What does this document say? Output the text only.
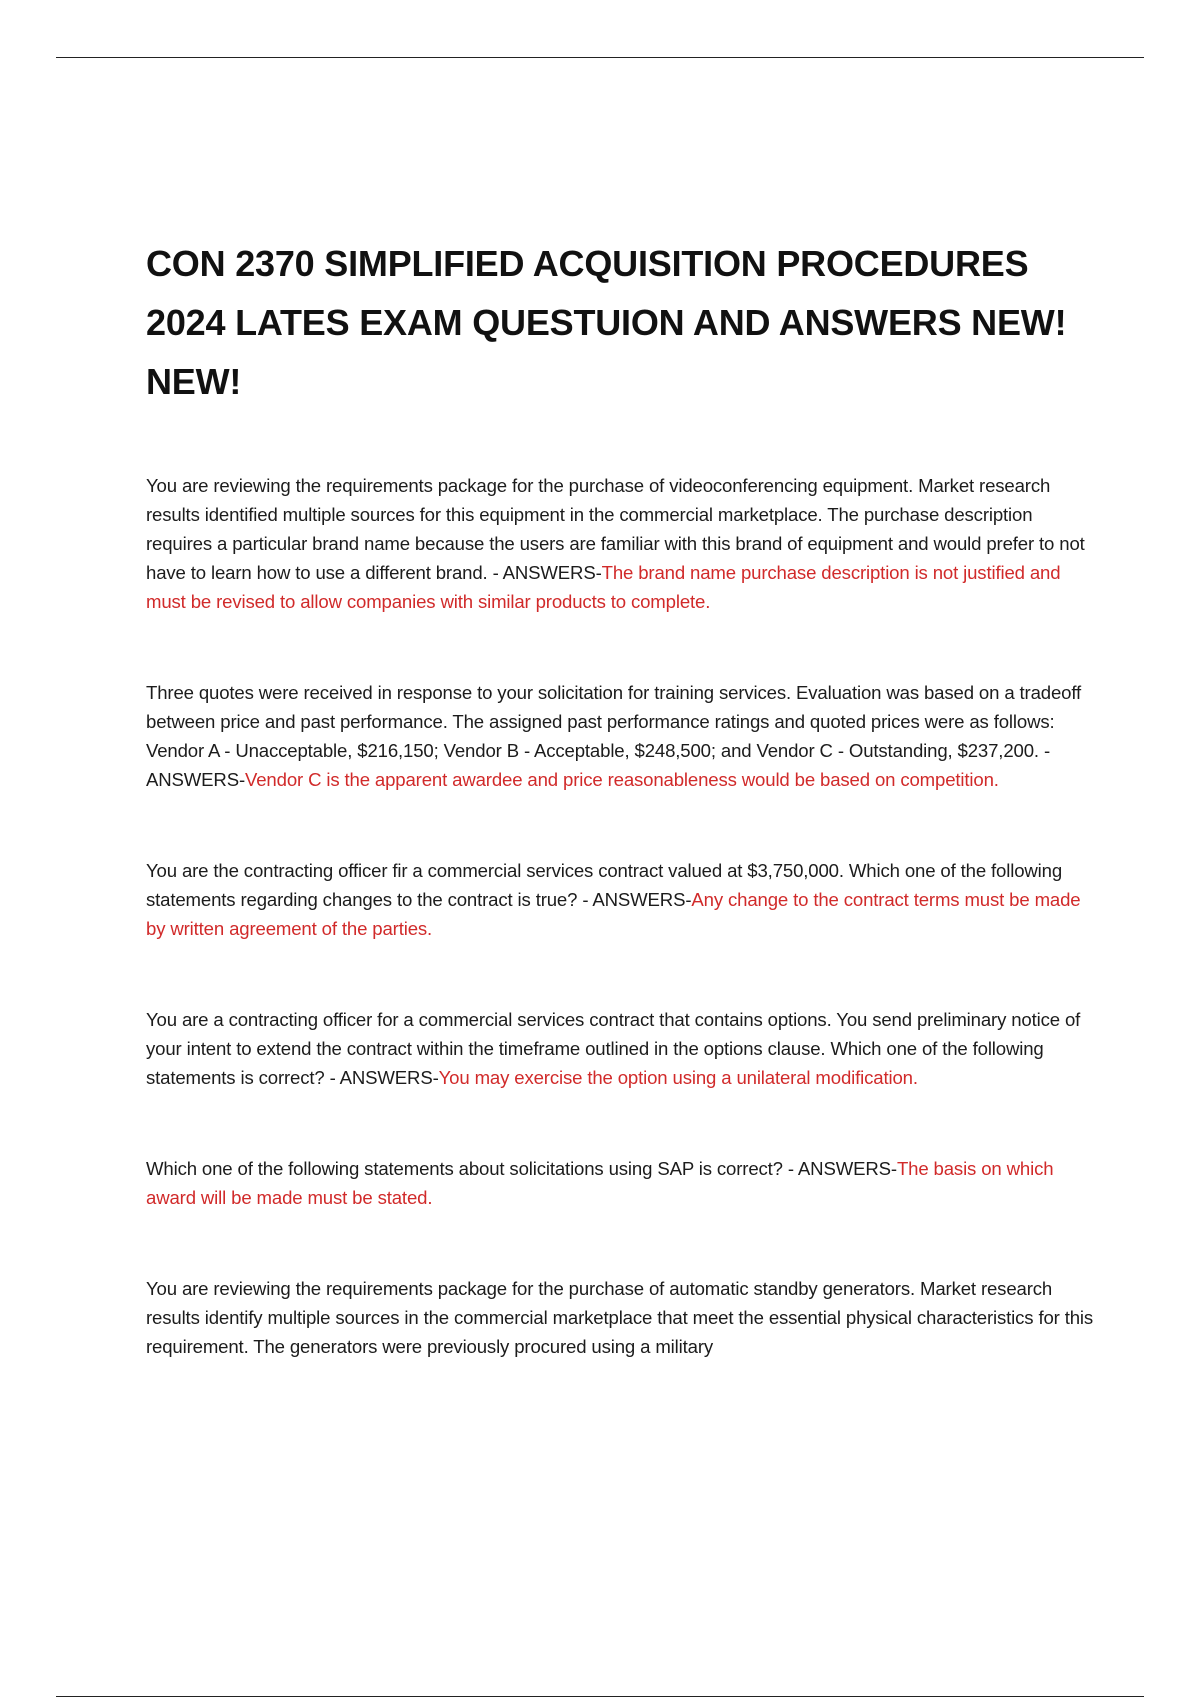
CON 2370 SIMPLIFIED ACQUISITION PROCEDURES 2024 LATES EXAM QUESTUION AND ANSWERS NEW! NEW!
You are reviewing the requirements package for the purchase of videoconferencing equipment. Market research results identified multiple sources for this equipment in the commercial marketplace. The purchase description requires a particular brand name because the users are familiar with this brand of equipment and would prefer to not have to learn how to use a different brand. - ANSWERS-The brand name purchase description is not justified and must be revised to allow companies with similar products to complete.
Three quotes were received in response to your solicitation for training services. Evaluation was based on a tradeoff between price and past performance. The assigned past performance ratings and quoted prices were as follows: Vendor A - Unacceptable, $216,150; Vendor B - Acceptable, $248,500; and Vendor C - Outstanding, $237,200. - ANSWERS-Vendor C is the apparent awardee and price reasonableness would be based on competition.
You are the contracting officer fir a commercial services contract valued at $3,750,000. Which one of the following statements regarding changes to the contract is true? - ANSWERS-Any change to the contract terms must be made by written agreement of the parties.
You are a contracting officer for a commercial services contract that contains options. You send preliminary notice of your intent to extend the contract within the timeframe outlined in the options clause. Which one of the following statements is correct? - ANSWERS-You may exercise the option using a unilateral modification.
Which one of the following statements about solicitations using SAP is correct? - ANSWERS-The basis on which award will be made must be stated.
You are reviewing the requirements package for the purchase of automatic standby generators. Market research results identify multiple sources in the commercial marketplace that meet the essential physical characteristics for this requirement. The generators were previously procured using a military
